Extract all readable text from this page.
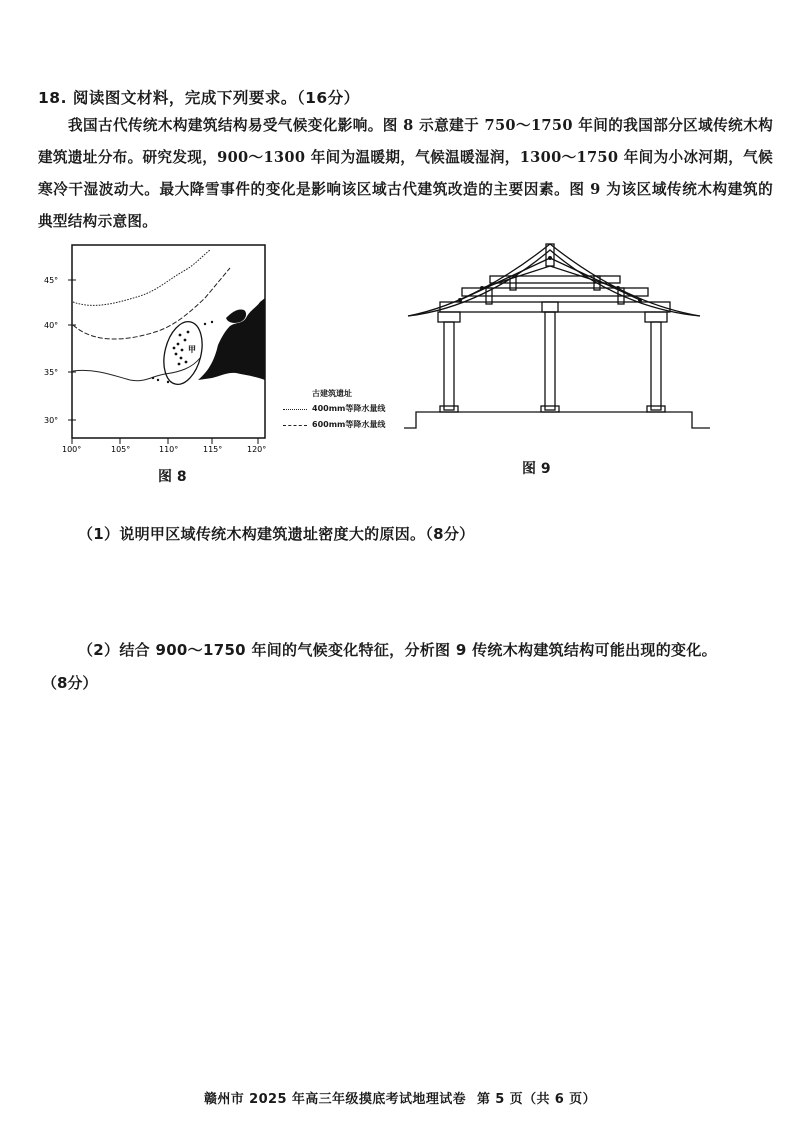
18. 阅读图文材料，完成下列要求。（16分）
我国古代传统木构建筑结构易受气候变化影响。图 8 示意建于 750～1750 年间的我国部分区域传统木构建筑遗址分布。研究发现，900～1300 年间为温暖期，气候温暖湿润，1300～1750 年间为小冰河期，气候寒冷干湿波动大。最大降雪事件的变化是影响该区域古代建筑改造的主要因素。图 9 为该区域传统木构建筑的典型结构示意图。
甲
45°
40°
35°
30°
100°	105°	110°	115°	120°
古建筑遗址
400mm等降水量线
600mm等降水量线
图 8	图 9
（1）说明甲区域传统木构建筑遗址密度大的原因。（8分）
（2）结合 900～1750 年间的气候变化特征，分析图 9 传统木构建筑结构可能出现的变化。
（8分）
赣州市 2025 年高三年级摸底考试地理试卷 第 5 页（共 6 页）
